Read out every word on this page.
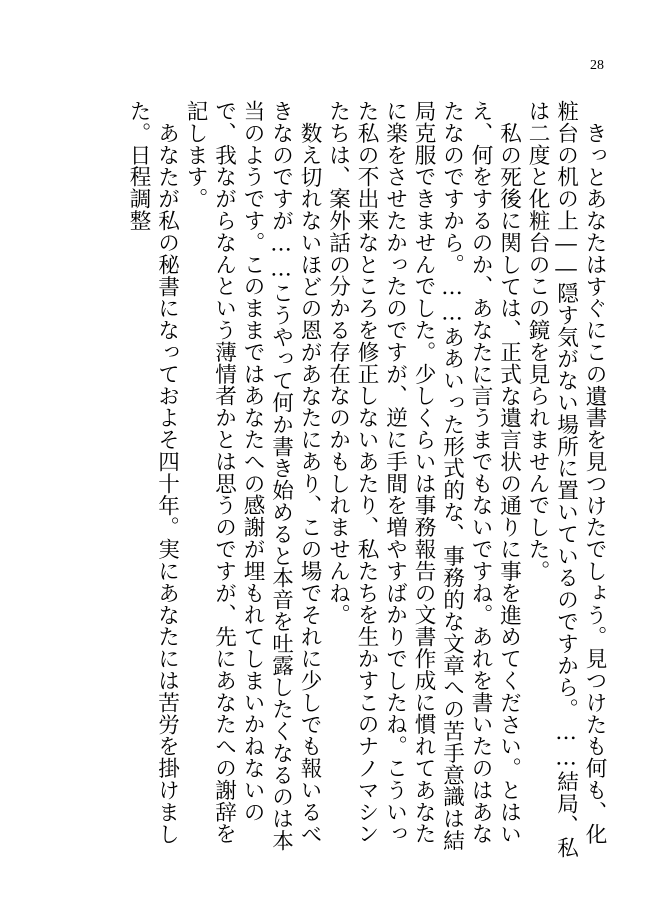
28

きっとあなたはすぐにこの遺書を見つけたでしょう。見つけたも何も、化粧台の机の上――隠す気がない場所に置いているのですから。……結局、私は二度と化粧台のこの鏡を見られませんでした。

私の死後に関しては、正式な遺言状の通りに事を進めてください。とはいえ、何をするのか、あなたに言うまでもないですね。あれを書いたのはあなたなのですから。……ああいった形式的な、事務的な文章への苦手意識は結局克服できませんでした。少しくらいは事務報告の文書作成に慣れてあなたに楽をさせたかったのですが、逆に手間を増やすばかりでしたね。こういった私の不出来なところを修正しないあたり、私たちを生かすこのナノマシンたちは、案外話の分かる存在なのかもしれませんね。

数え切れないほどの恩があなたにあり、この場でそれに少しでも報いるべきなのですが……こうやって何か書き始めると本音を吐露したくなるのは本当のようです。このままではあなたへの感謝が埋もれてしまいかねないので、我ながらなんという薄情者かとは思うのですが、先にあなたへの謝辞を記します。

あなたが私の秘書になっておよそ四十年。実にあなたには苦労を掛けました。日程調整
